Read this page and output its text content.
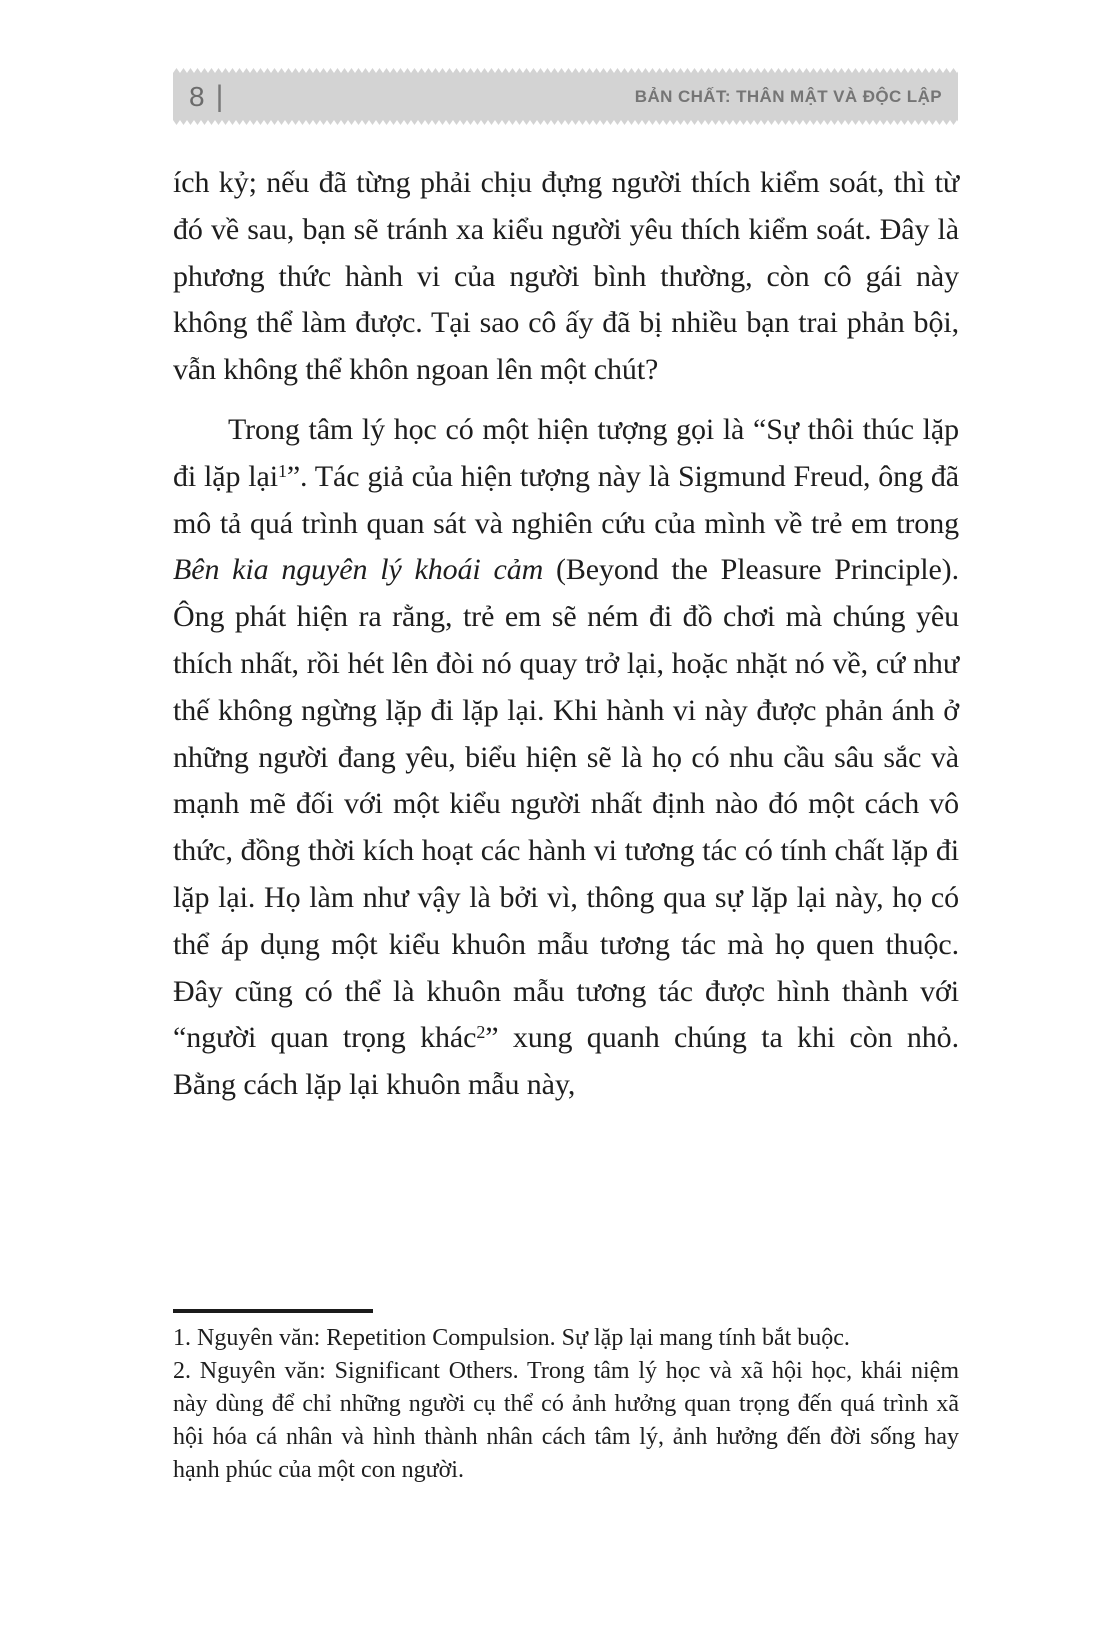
8 |	BẢN CHẤT: THÂN MẬT VÀ ĐỘC LẬP

ích kỷ; nếu đã từng phải chịu đựng người thích kiểm soát, thì từ đó về sau, bạn sẽ tránh xa kiểu người yêu thích kiểm soát. Đây là phương thức hành vi của người bình thường, còn cô gái này không thể làm được. Tại sao cô ấy đã bị nhiều bạn trai phản bội, vẫn không thể khôn ngoan lên một chút?

Trong tâm lý học có một hiện tượng gọi là “Sự thôi thúc lặp đi lặp lại$^1$”. Tác giả của hiện tượng này là Sigmund Freud, ông đã mô tả quá trình quan sát và nghiên cứu của mình về trẻ em trong Bên kia nguyên lý khoái cảm (Beyond the Pleasure Principle). Ông phát hiện ra rằng, trẻ em sẽ ném đi đồ chơi mà chúng yêu thích nhất, rồi hét lên đòi nó quay trở lại, hoặc nhặt nó về, cứ như thế không ngừng lặp đi lặp lại. Khi hành vi này được phản ánh ở những người đang yêu, biểu hiện sẽ là họ có nhu cầu sâu sắc và mạnh mẽ đối với một kiểu người nhất định nào đó một cách vô thức, đồng thời kích hoạt các hành vi tương tác có tính chất lặp đi lặp lại. Họ làm như vậy là bởi vì, thông qua sự lặp lại này, họ có thể áp dụng một kiểu khuôn mẫu tương tác mà họ quen thuộc. Đây cũng có thể là khuôn mẫu tương tác được hình thành với “người quan trọng khác$^2$” xung quanh chúng ta khi còn nhỏ. Bằng cách lặp lại khuôn mẫu này,

1. Nguyên văn: Repetition Compulsion. Sự lặp lại mang tính bắt buộc.

2. Nguyên văn: Significant Others. Trong tâm lý học và xã hội học, khái niệm này dùng để chỉ những người cụ thể có ảnh hưởng quan trọng đến quá trình xã hội hóa cá nhân và hình thành nhân cách tâm lý, ảnh hưởng đến đời sống hay hạnh phúc của một con người.
